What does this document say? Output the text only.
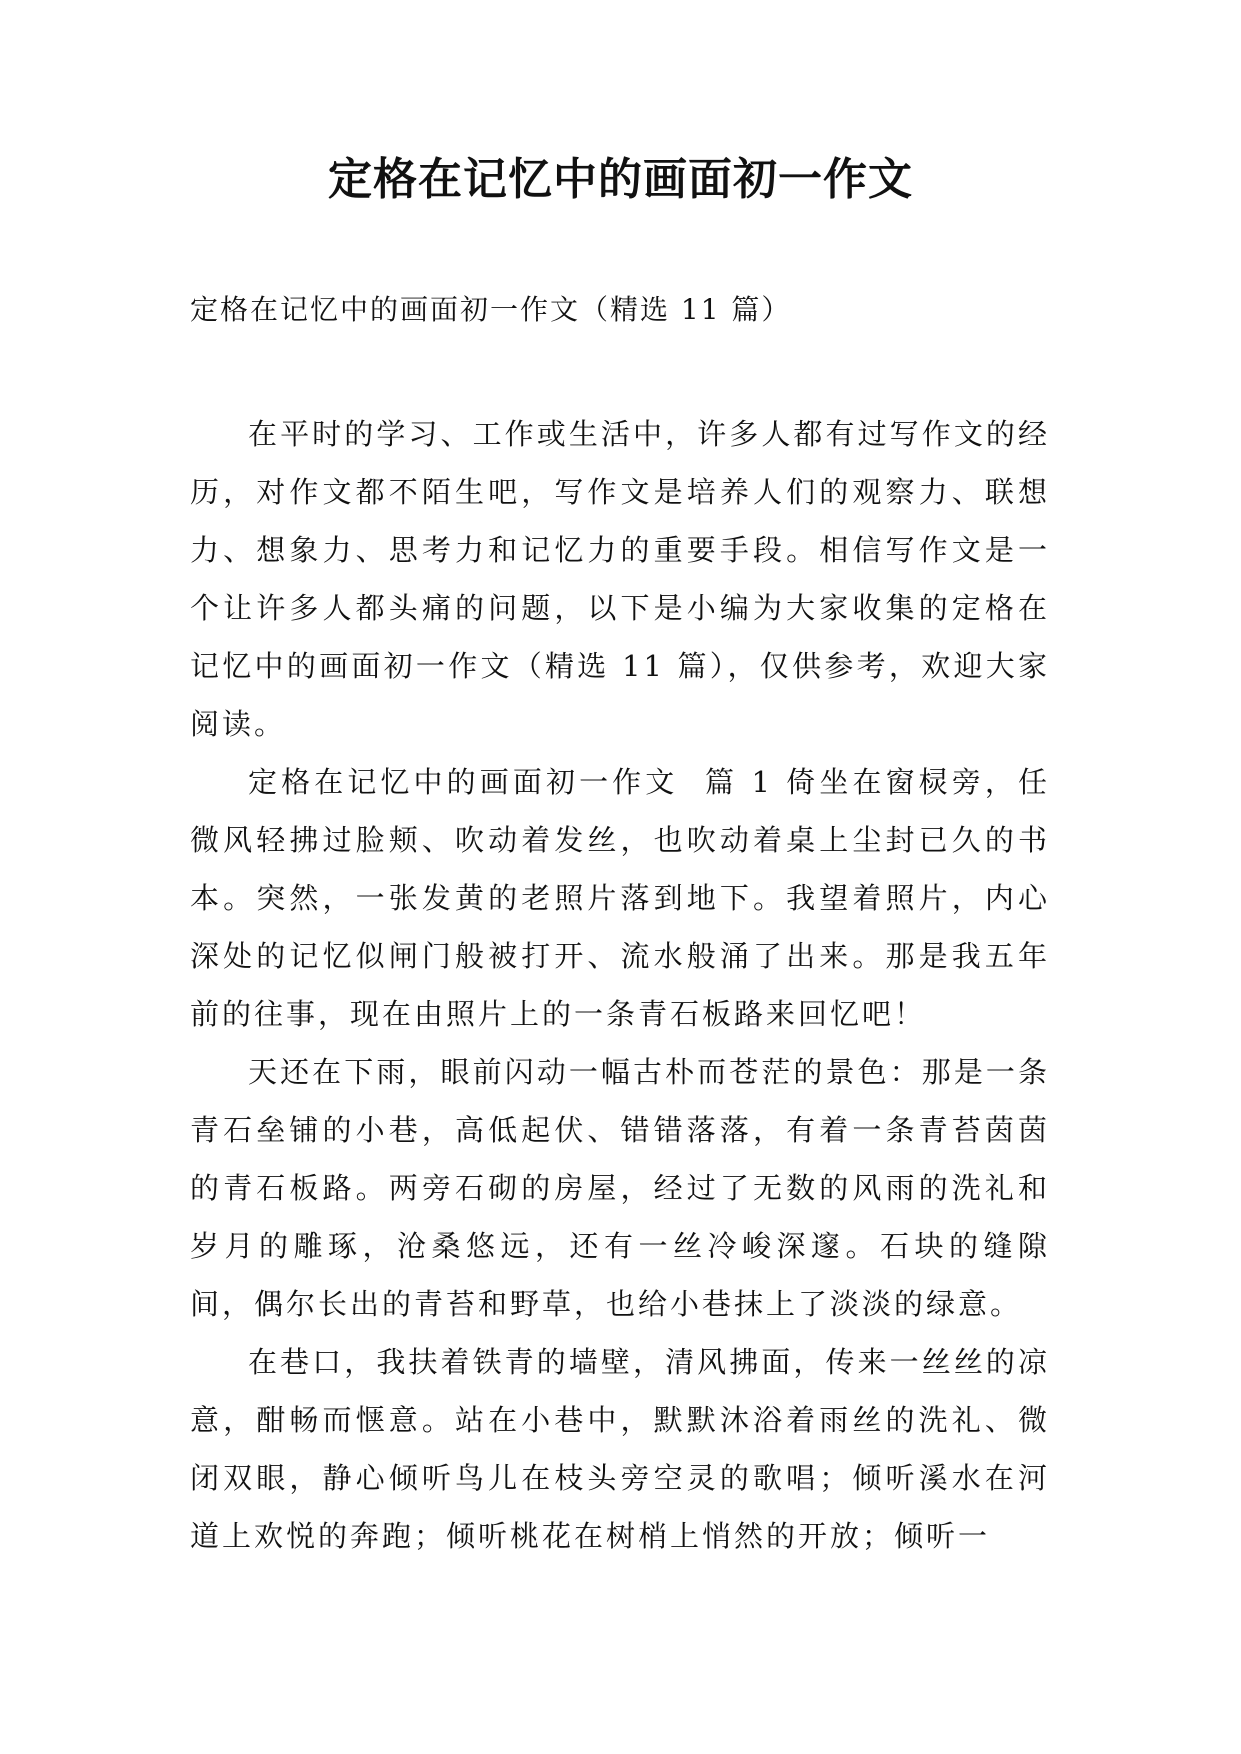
定格在记忆中的画面初一作文

定格在记忆中的画面初一作文（精选 11 篇）

在平时的学习、工作或生活中，许多人都有过写作文的经历，对作文都不陌生吧，写作文是培养人们的观察力、联想力、想象力、思考力和记忆力的重要手段。相信写作文是一个让许多人都头痛的问题，以下是小编为大家收集的定格在记忆中的画面初一作文（精选 11 篇），仅供参考，欢迎大家阅读。

定格在记忆中的画面初一作文  篇 1 倚坐在窗棂旁，任微风轻拂过脸颊、吹动着发丝，也吹动着桌上尘封已久的书本。突然，一张发黄的老照片落到地下。我望着照片，内心深处的记忆似闸门般被打开、流水般涌了出来。那是我五年前的往事，现在由照片上的一条青石板路来回忆吧！

天还在下雨，眼前闪动一幅古朴而苍茫的景色：那是一条青石垒铺的小巷，高低起伏、错错落落，有着一条青苔茵茵的青石板路。两旁石砌的房屋，经过了无数的风雨的洗礼和岁月的雕琢，沧桑悠远，还有一丝冷峻深邃。石块的缝隙间，偶尔长出的青苔和野草，也给小巷抹上了淡淡的绿意。

在巷口，我扶着铁青的墙壁，清风拂面，传来一丝丝的凉意，酣畅而惬意。站在小巷中，默默沐浴着雨丝的洗礼、微闭双眼，静心倾听鸟儿在枝头旁空灵的歌唱；倾听溪水在河道上欢悦的奔跑；倾听桃花在树梢上悄然的开放；倾听一
